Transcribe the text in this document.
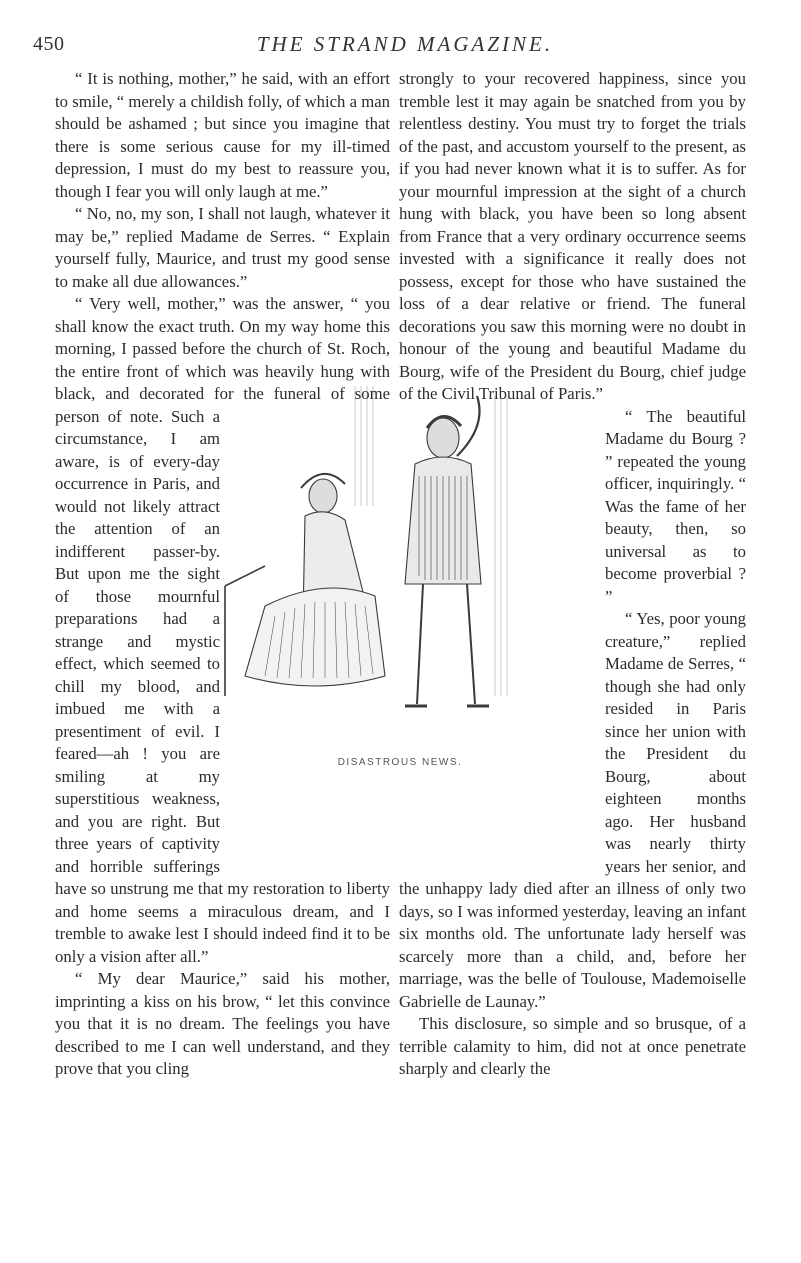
450	THE STRAND MAGAZINE.

“ It is nothing, mother,” he said, with an effort to smile, “ merely a childish folly, of which a man should be ashamed ; but since you imagine that there is some serious cause for my ill-timed depression, I must do my best to reassure you, though I fear you will only laugh at me.”

“ No, no, my son, I shall not laugh, whatever it may be,” replied Madame de Serres. “ Explain yourself fully, Maurice, and trust my good sense to make all due allowances.”

“ Very well, mother,” was the answer, “ you shall know the exact truth. On my way home this morning, I passed before the church of St. Roch, the entire front of which was heavily hung with black, and decorated for the funeral of some person of note. Such a circumstance, I am aware, is of every-day occurrence in Paris, and would not likely attract the attention of an indifferent passer-by. But upon me the sight of those mournful preparations had a strange and mystic effect, which seemed to chill my blood, and imbued me with a presentiment of evil. I feared—ah ! you are smiling at my superstitious weakness, and you are right. But three years of captivity and horrible sufferings have so unstrung me that my restoration to liberty and home seems a miraculous dream, and I tremble to awake lest I should indeed find it to be only a vision after all.”

“ My dear Maurice,” said his mother, imprinting a kiss on his brow, “ let this convince you that it is no dream. The feelings you have described to me I can well understand, and they prove that you cling

strongly to your recovered happiness, since you tremble lest it may again be snatched from you by relentless destiny. You must try to forget the trials of the past, and accustom yourself to the present, as if you had never known what it is to suffer. As for your mournful impression at the sight of a church hung with black, you have been so long absent from France that a very ordinary occurrence seems invested with a significance it really does not possess, except for those who have sustained the loss of a dear relative or friend. The funeral decorations you saw this morning were no doubt in honour of the young and beautiful Madame du Bourg, wife of the President du Bourg, chief judge of the Civil Tribunal of Paris.”

“ The beautiful Madame du Bourg ? ” repeated the young officer, inquiringly. “ Was the fame of her beauty, then, so universal as to become proverbial ? ”

“ Yes, poor young creature,” replied Madame de Serres, “ though she had only resided in Paris since her union with the President du Bourg, about eighteen months ago. Her husband was nearly thirty years her senior, and the unhappy lady died after an illness of only two days, so I was informed yesterday, leaving an infant six months old. The unfortunate lady herself was scarcely more than a child, and, before her marriage, was the belle of Toulouse, Mademoiselle Gabrielle de Launay.”

This disclosure, so simple and so brusque, of a terrible calamity to him, did not at once penetrate sharply and clearly the

DISASTROUS NEWS.
